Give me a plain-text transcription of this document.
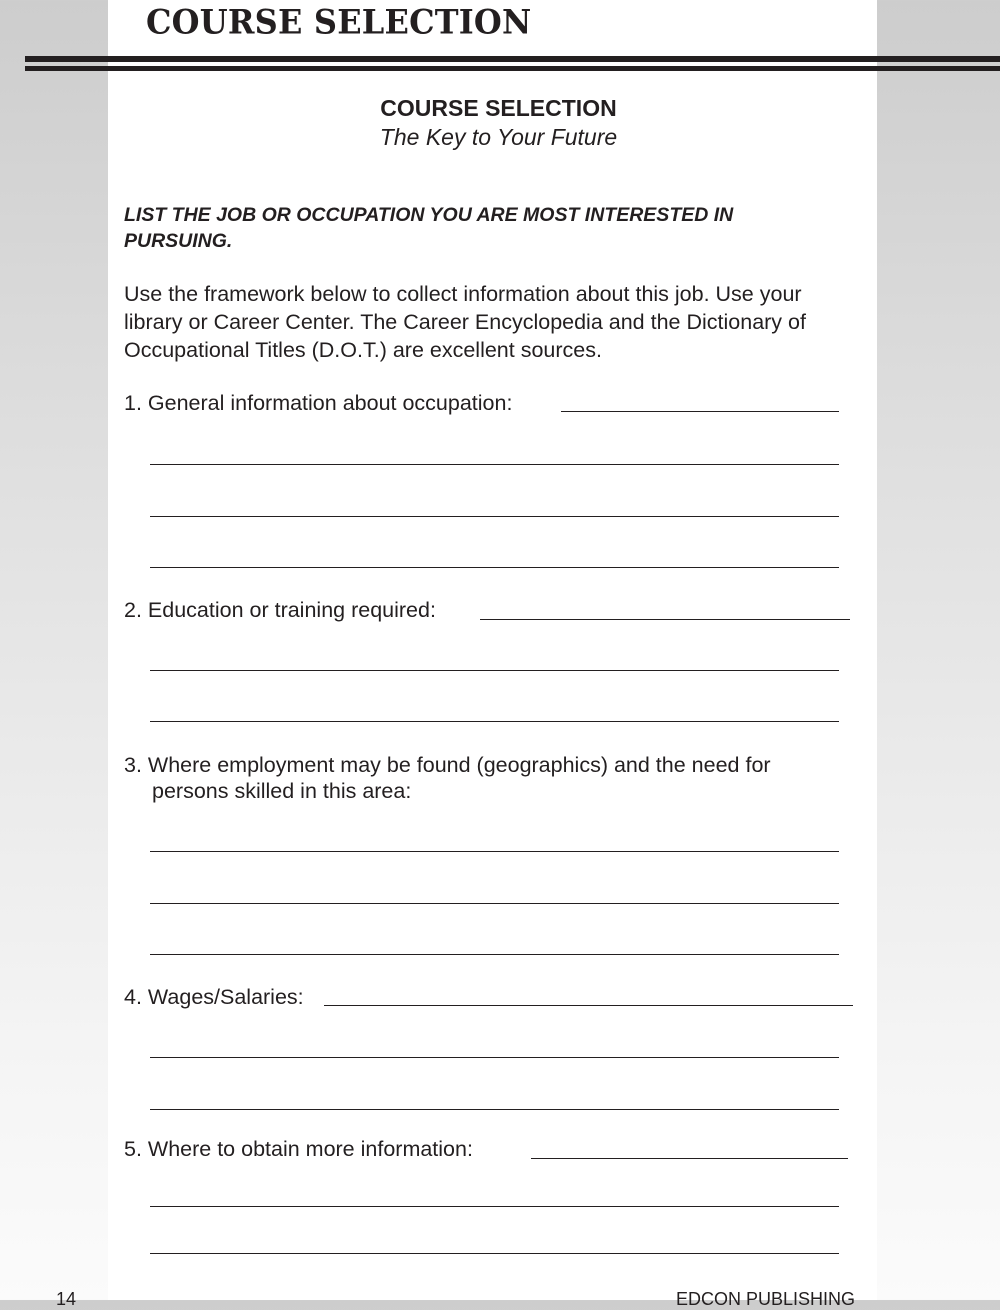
COURSE SELECTION
COURSE SELECTION
The Key to Your Future

LIST THE JOB OR OCCUPATION YOU ARE MOST INTERESTED IN PURSUING.

Use the framework below to collect information about this job. Use your library or Career Center. The Career Encyclopedia and the Dictionary of Occupational Titles (D.O.T.) are excellent sources.

1. General information about occupation:

2. Education or training required:

3. Where employment may be found (geographics) and the need for
persons skilled in this area:

4. Wages/Salaries:

5. Where to obtain more information:

14	EDCON PUBLISHING
